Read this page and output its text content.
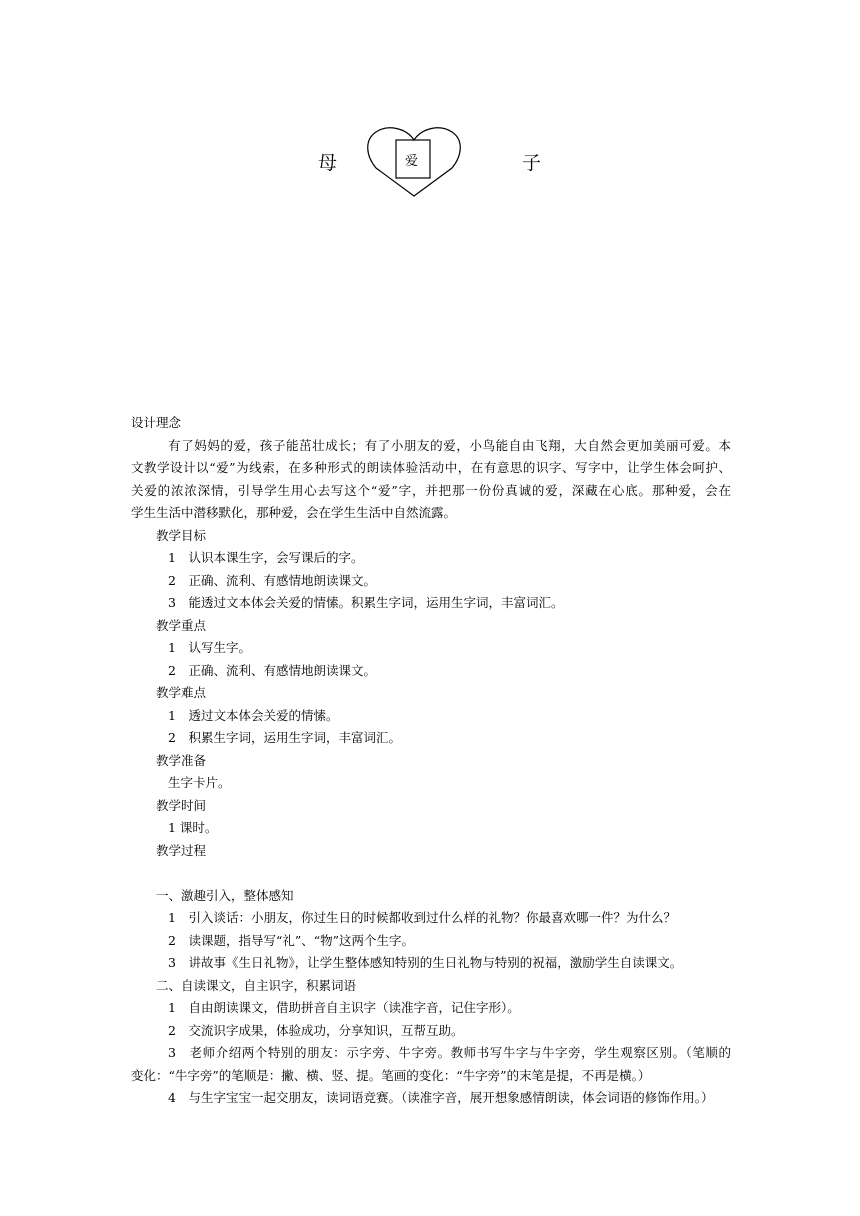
母	爱	子
设计理念
有了妈妈的爱，孩子能茁壮成长；有了小朋友的爱，小鸟能自由飞翔，大自然会更加美丽可爱。本
文教学设计以“爱”为线索，在多种形式的朗读体验活动中，在有意思的识字、写字中，让学生体会呵护、
关爱的浓浓深情，引导学生用心去写这个“爱”字，并把那一份份真诚的爱，深藏在心底。那种爱，会在
学生生活中潜移默化，那种爱，会在学生生活中自然流露。
教学目标
1　认识本课生字，会写课后的字。
2　正确、流利、有感情地朗读课文。
3　能透过文本体会关爱的情愫。积累生字词，运用生字词，丰富词汇。
教学重点
1　认写生字。
2　正确、流利、有感情地朗读课文。
教学难点
1　透过文本体会关爱的情愫。
2　积累生字词，运用生字词，丰富词汇。
教学准备
生字卡片。
教学时间
1 课时。
教学过程
一、激趣引入，整体感知
1　引入谈话：小朋友，你过生日的时候都收到过什么样的礼物？你最喜欢哪一件？为什么？
2　读课题，指导写“礼”、“物”这两个生字。
3　讲故事《生日礼物》，让学生整体感知特别的生日礼物与特别的祝福，激励学生自读课文。
二、自读课文，自主识字，积累词语
1　自由朗读课文，借助拼音自主识字（读准字音，记住字形）。
2　交流识字成果，体验成功，分享知识，互帮互助。
3　老师介绍两个特别的朋友：示字旁、牛字旁。教师书写牛字与牛字旁，学生观察区别。（笔顺的
变化：“牛字旁”的笔顺是：撇、横、竖、提。笔画的变化：“牛字旁”的末笔是提，不再是横。）
4　与生字宝宝一起交朋友，读词语竞赛。（读准字音，展开想象感情朗读，体会词语的修饰作用。）
